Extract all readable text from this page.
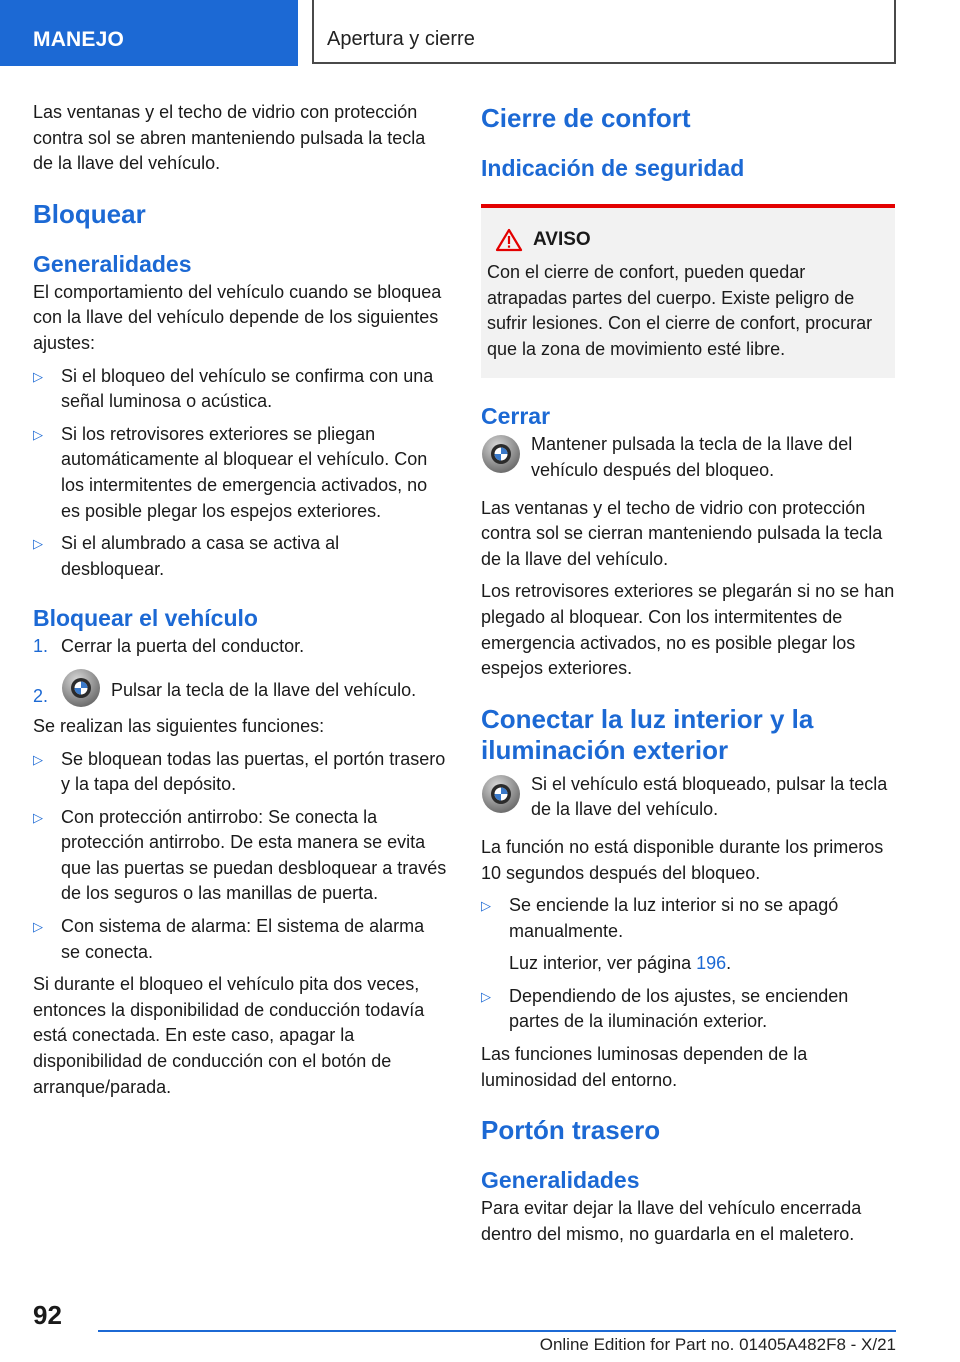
MANEJO	Apertura y cierre

Las ventanas y el techo de vidrio con protección contra sol se abren manteniendo pulsada la tecla de la llave del vehículo.

Bloquear
Generalidades

El comportamiento del vehículo cuando se bloquea con la llave del vehículo depende de los siguientes ajustes:

▷ Si el bloqueo del vehículo se confirma con una señal luminosa o acústica.
▷ Si los retrovisores exteriores se pliegan automáticamente al bloquear el vehículo. Con los intermitentes de emergencia activados, no es posible plegar los espejos exteriores.
▷ Si el alumbrado a casa se activa al desbloquear.
Bloquear el vehículo
1. Cerrar la puerta del conductor.
2.	Pulsar la tecla de la llave del vehículo.

Se realizan las siguientes funciones:

▷ Se bloquean todas las puertas, el portón trasero y la tapa del depósito.
▷ Con protección antirrobo: Se conecta la protección antirrobo. De esta manera se evita que las puertas se puedan desbloquear a través de los seguros o las manillas de puerta.
▷ Con sistema de alarma: El sistema de alarma se conecta.

Si durante el bloqueo el vehículo pita dos veces, entonces la disponibilidad de conducción todavía está conectada. En este caso, apagar la disponibilidad de conducción con el botón de arranque/parada.

Cierre de confort
Indicación de seguridad
AVISO

Con el cierre de confort, pueden quedar atrapadas partes del cuerpo. Existe peligro de sufrir lesiones. Con el cierre de confort, procurar que la zona de movimiento esté libre.

Cerrar

Mantener pulsada la tecla de la llave del vehículo después del bloqueo.

Las ventanas y el techo de vidrio con protección contra sol se cierran manteniendo pulsada la tecla de la llave del vehículo.

Los retrovisores exteriores se plegarán si no se han plegado al bloquear. Con los intermitentes de emergencia activados, no es posible plegar los espejos exteriores.

Conectar la luz interior y la iluminación exterior

Si el vehículo está bloqueado, pulsar la tecla de la llave del vehículo.

La función no está disponible durante los primeros 10 segundos después del bloqueo.

▷ Se enciende la luz interior si no se apagó manualmente.
Luz interior, ver página 196.
▷ Dependiendo de los ajustes, se encienden partes de la iluminación exterior.

Las funciones luminosas dependen de la luminosidad del entorno.

Portón trasero
Generalidades

Para evitar dejar la llave del vehículo encerrada dentro del mismo, no guardarla en el maletero.

92
Online Edition for Part no. 01405A482F8 - X/21
